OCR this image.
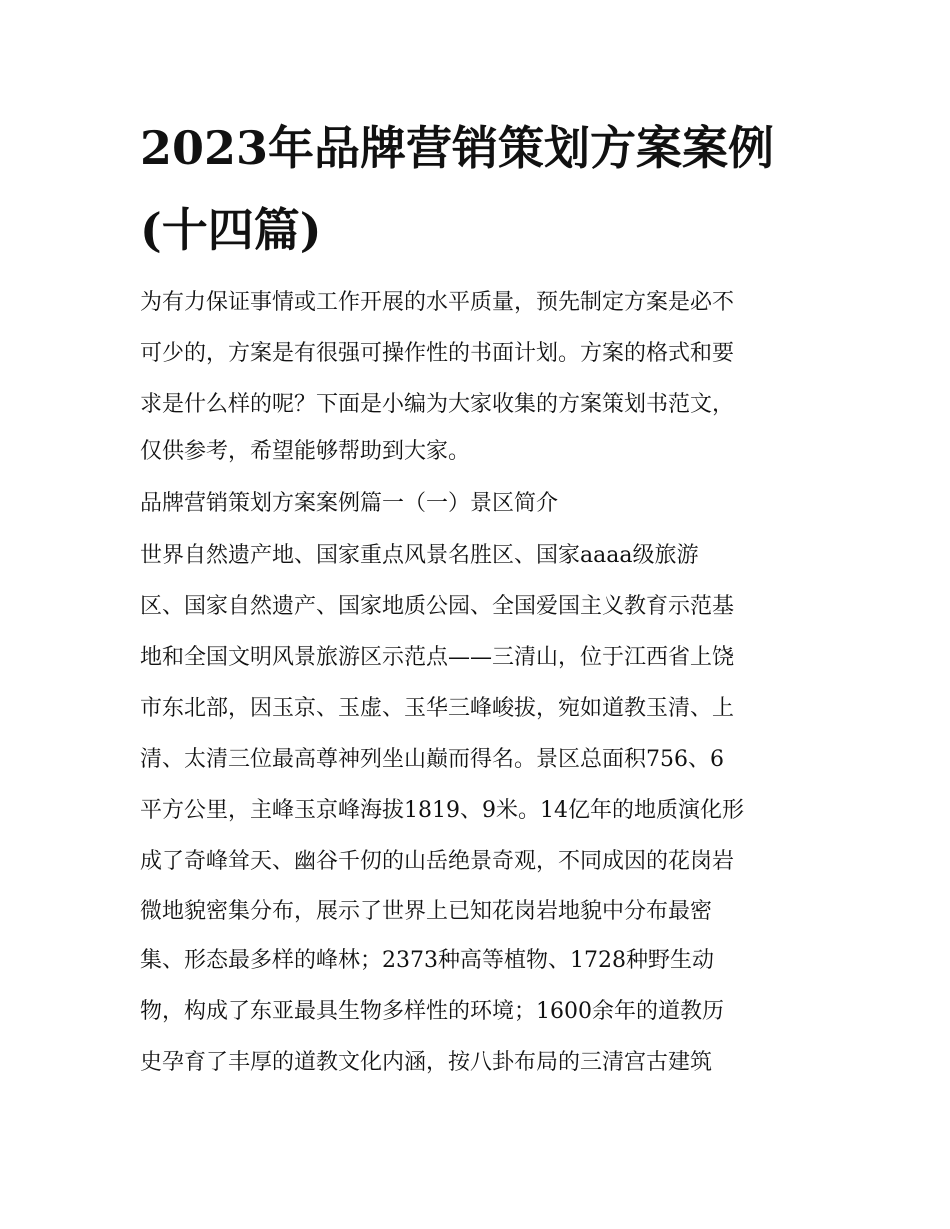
2023年品牌营销策划方案案例
(十四篇)
为有力保证事情或工作开展的水平质量，预先制定方案是必不
可少的，方案是有很强可操作性的书面计划。方案的格式和要
求是什么样的呢？下面是小编为大家收集的方案策划书范文，
仅供参考，希望能够帮助到大家。
品牌营销策划方案案例篇一（一）景区简介
世界自然遗产地、国家重点风景名胜区、国家aaaa级旅游
区、国家自然遗产、国家地质公园、全国爱国主义教育示范基
地和全国文明风景旅游区示范点——三清山，位于江西省上饶
市东北部，因玉京、玉虚、玉华三峰峻拔，宛如道教玉清、上
清、太清三位最高尊神列坐山巅而得名。景区总面积756、6
平方公里，主峰玉京峰海拔1819、9米。14亿年的地质演化形
成了奇峰耸天、幽谷千仞的山岳绝景奇观，不同成因的花岗岩
微地貌密集分布，展示了世界上已知花岗岩地貌中分布最密
集、形态最多样的峰林；2373种高等植物、1728种野生动
物，构成了东亚最具生物多样性的环境；1600余年的道教历
史孕育了丰厚的道教文化内涵，按八卦布局的三清宫古建筑
